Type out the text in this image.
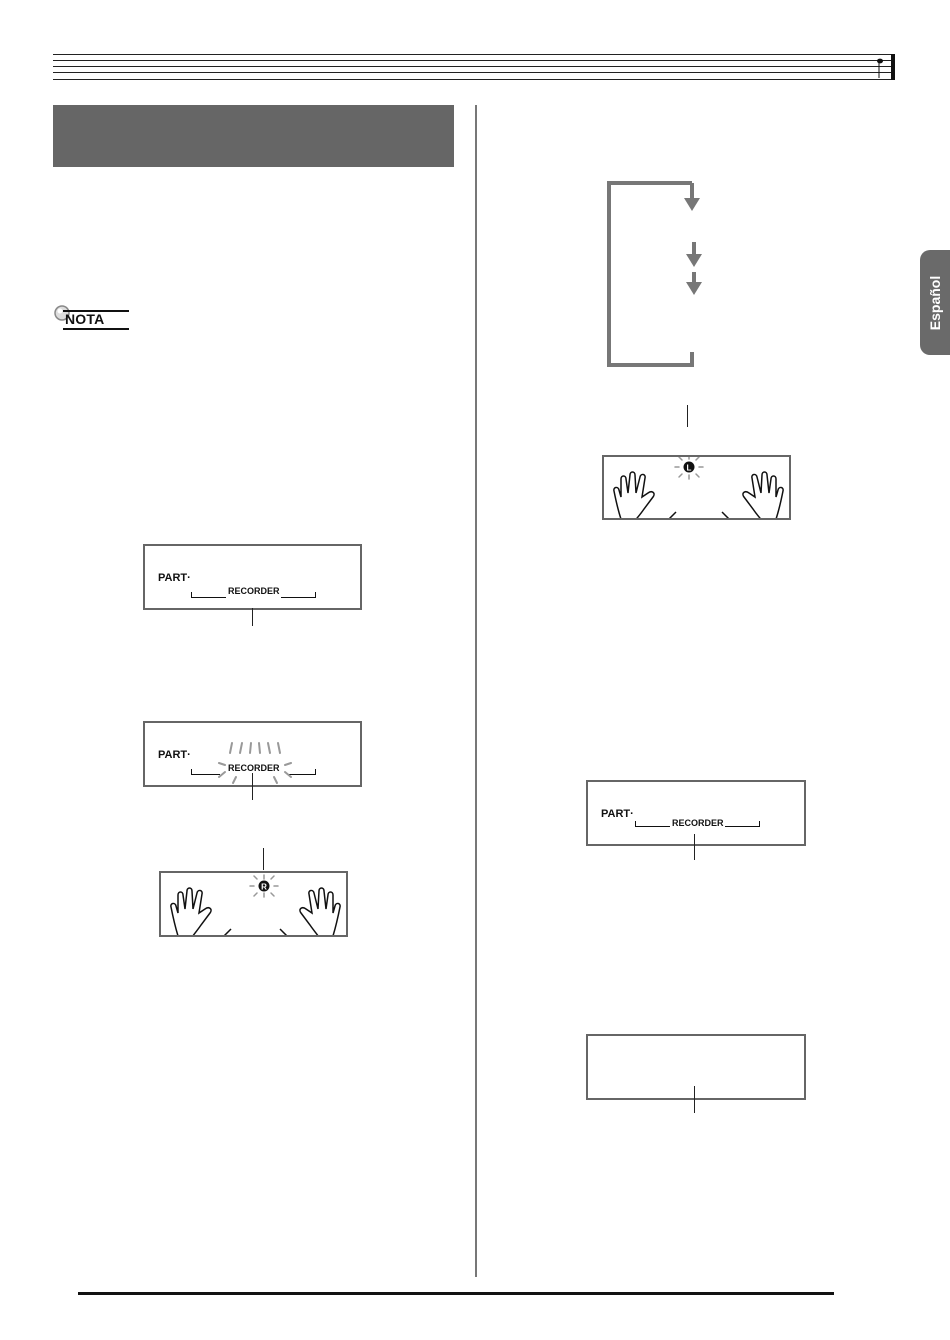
Español
NOTA
PART·
RECORDER
PART·
RECORDER
R
L
PART·
RECORDER
